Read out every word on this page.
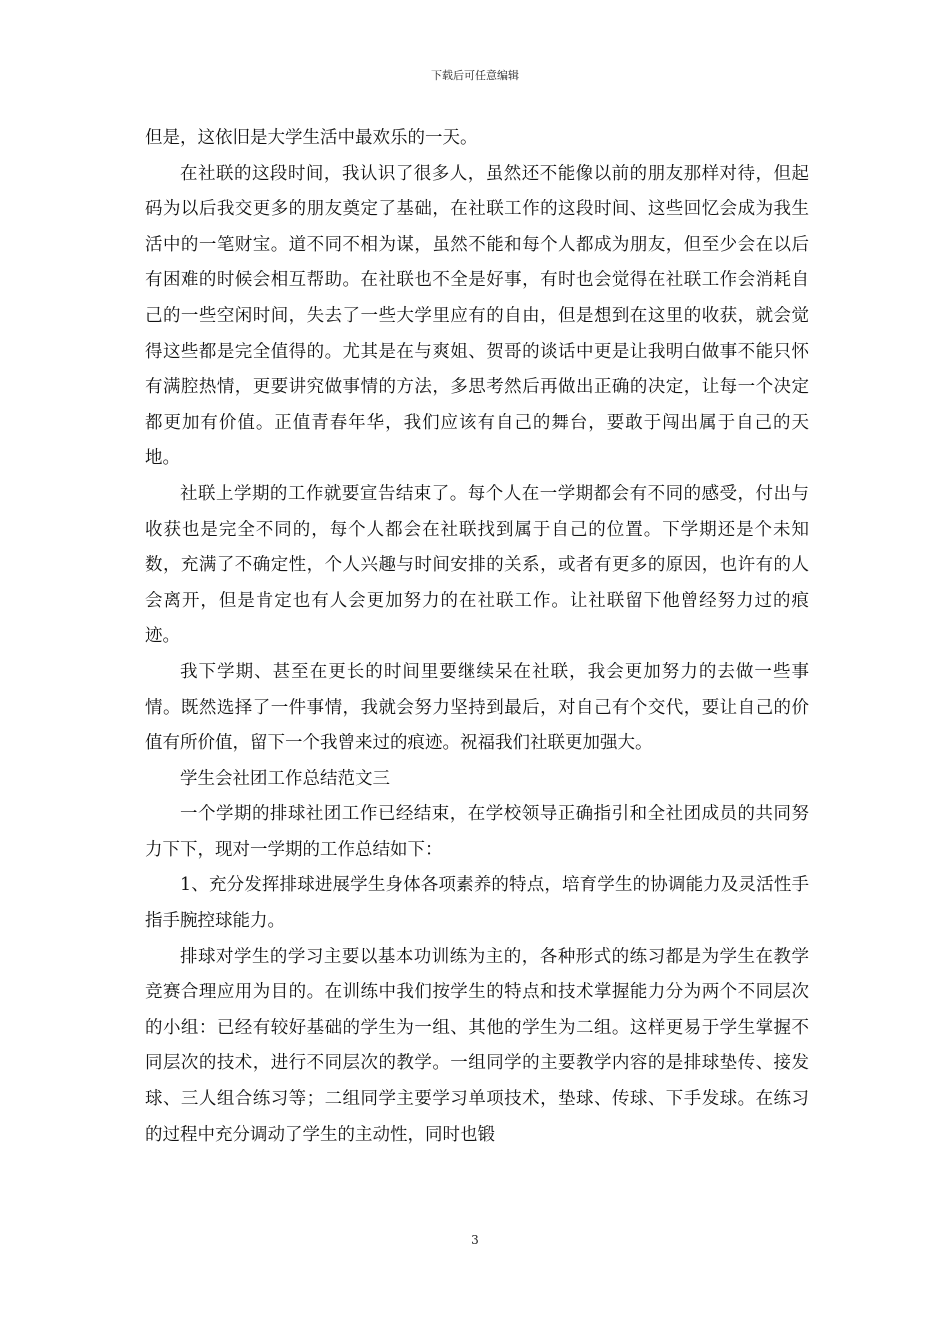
下载后可任意编辑

但是，这依旧是大学生活中最欢乐的一天。

在社联的这段时间，我认识了很多人，虽然还不能像以前的朋友那样对待，但起码为以后我交更多的朋友奠定了基础，在社联工作的这段时间、这些回忆会成为我生活中的一笔财宝。道不同不相为谋，虽然不能和每个人都成为朋友，但至少会在以后有困难的时候会相互帮助。在社联也不全是好事，有时也会觉得在社联工作会消耗自己的一些空闲时间，失去了一些大学里应有的自由，但是想到在这里的收获，就会觉得这些都是完全值得的。尤其是在与爽姐、贺哥的谈话中更是让我明白做事不能只怀有满腔热情，更要讲究做事情的方法，多思考然后再做出正确的决定，让每一个决定都更加有价值。正值青春年华，我们应该有自己的舞台，要敢于闯出属于自己的天地。

社联上学期的工作就要宣告结束了。每个人在一学期都会有不同的感受，付出与收获也是完全不同的，每个人都会在社联找到属于自己的位置。下学期还是个未知数，充满了不确定性，个人兴趣与时间安排的关系，或者有更多的原因，也许有的人会离开，但是肯定也有人会更加努力的在社联工作。让社联留下他曾经努力过的痕迹。

我下学期、甚至在更长的时间里要继续呆在社联，我会更加努力的去做一些事情。既然选择了一件事情，我就会努力坚持到最后，对自己有个交代，要让自己的价值有所价值，留下一个我曾来过的痕迹。祝福我们社联更加强大。

学生会社团工作总结范文三

一个学期的排球社团工作已经结束，在学校领导正确指引和全社团成员的共同努力下下，现对一学期的工作总结如下：

1、充分发挥排球进展学生身体各项素养的特点，培育学生的协调能力及灵活性手指手腕控球能力。

排球对学生的学习主要以基本功训练为主的，各种形式的练习都是为学生在教学竞赛合理应用为目的。在训练中我们按学生的特点和技术掌握能力分为两个不同层次的小组：已经有较好基础的学生为一组、其他的学生为二组。这样更易于学生掌握不同层次的技术，进行不同层次的教学。一组同学的主要教学内容的是排球垫传、接发球、三人组合练习等；二组同学主要学习单项技术，垫球、传球、下手发球。在练习的过程中充分调动了学生的主动性，同时也锻

3
